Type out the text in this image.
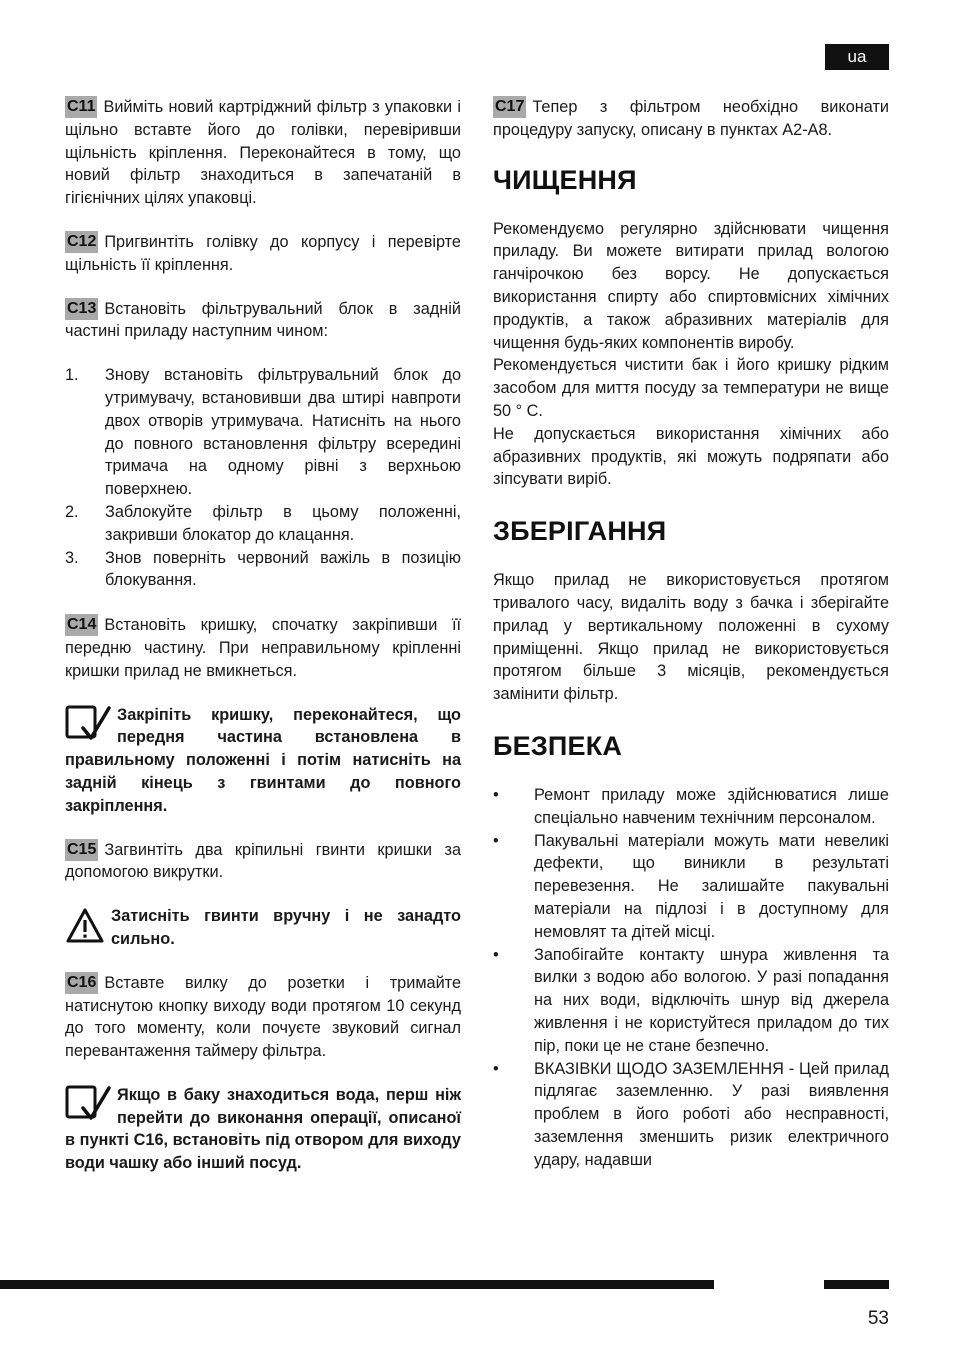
ua

C11 Вийміть новий картріджний фільтр з упаковки і щільно вставте його до голівки, перевіривши щільність кріплення. Переконайтеся в тому, що новий фільтр знаходиться в запечатаній в гігієнічних цілях упаковці.

C12 Пригвинтіть голівку до корпусу і перевірте щільність її кріплення.

C13 Встановіть фільтрувальний блок в задній частині приладу наступним чином:

1. Знову встановіть фільтрувальний блок до утримувачу, встановивши два штирі навпроти двох отворів утримувача. Натисніть на нього до повного встановлення фільтру всередині тримача на одному рівні з верхньою поверхнею.
2. Заблокуйте фільтр в цьому положенні, закривши блокатор до клацання.
3. Знов поверніть червоний важіль в позицію блокування.

C14 Встановіть кришку, спочатку закріпивши її передню частину. При неправильному кріпленні кришки прилад не вмикнеться.

Закріпіть кришку, переконайтеся, що передня частина встановлена в правильному положенні і потім натисніть на задній кінець з гвинтами до повного закріплення.

C15 Загвинтіть два кріпильні гвинти кришки за допомогою викрутки.

Затисніть гвинти вручну і не занадто сильно.

C16 Вставте вилку до розетки і тримайте натиснутою кнопку виходу води протягом 10 секунд до того моменту, коли почуєте звуковий сигнал перевантаження таймеру фільтра.

Якщо в баку знаходиться вода, перш ніж перейти до виконання операції, описаної в пункті C16, встановіть під отвором для виходу води чашку або інший посуд.

C17 Тепер з фільтром необхідно виконати процедуру запуску, описану в пунктах A2-A8.

ЧИЩЕННЯ

Рекомендуємо регулярно здійснювати чищення приладу. Ви можете витирати прилад вологою ганчірочкою без ворсу. Не допускається використання спирту або спиртовмісних хімічних продуктів, а також абразивних матеріалів для чищення будь-яких компонентів виробу.

Рекомендується чистити бак і його кришку рідким засобом для миття посуду за температури не вище 50 ° C.

Не допускається використання хімічних або абразивних продуктів, які можуть подряпати або зіпсувати виріб.

ЗБЕРІГАННЯ

Якщо прилад не використовується протягом тривалого часу, видаліть воду з бачка і зберігайте прилад у вертикальному положенні в сухому приміщенні. Якщо прилад не використовується протягом більше 3 місяців, рекомендується замінити фільтр.

БЕЗПЕКА
• Ремонт приладу може здійснюватися лише спеціально навченим технічним персоналом.
• Пакувальні матеріали можуть мати невеликі дефекти, що виникли в результаті перевезення. Не залишайте пакувальні матеріали на підлозі і в доступному для немовлят та дітей місці.
• Запобігайте контакту шнура живлення та вилки з водою або вологою. У разі попадання на них води, відключіть шнур від джерела живлення і не користуйтеся приладом до тих пір, поки це не стане безпечно.
• ВКАЗІВКИ ЩОДО ЗАЗЕМЛЕННЯ - Цей прилад підлягає заземленню. У разі виявлення проблем в його роботі або несправності, заземлення зменшить ризик електричного удару, надавши
53
